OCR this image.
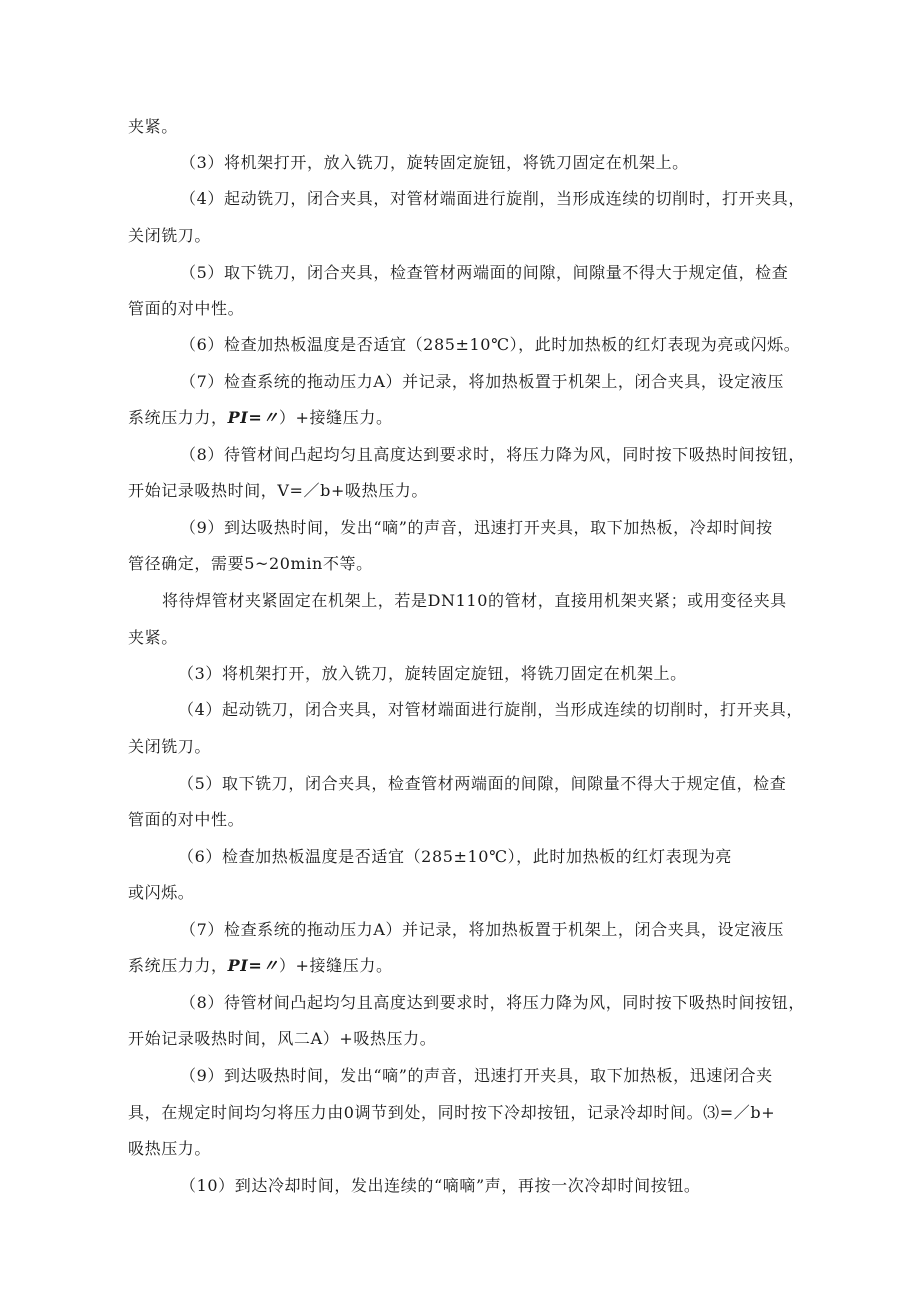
夹紧。
（3）将机架打开，放入铣刀，旋转固定旋钮，将铣刀固定在机架上。
（4）起动铣刀，闭合夹具，对管材端面进行旋削，当形成连续的切削时，打开夹具，
关闭铣刀。
（5）取下铣刀，闭合夹具，检查管材两端面的间隙，间隙量不得大于规定值，检查
管面的对中性。
（6）检查加热板温度是否适宜（285±10℃），此时加热板的红灯表现为亮或闪烁。
（7）检查系统的拖动压力A）并记录，将加热板置于机架上，闭合夹具，设定液压
系统压力力，PI=〃）+接缝压力。
（8）待管材间凸起均匀且高度达到要求时，将压力降为风，同时按下吸热时间按钮，
开始记录吸热时间，V=／b+吸热压力。
（9）到达吸热时间，发出“嘀”的声音，迅速打开夹具，取下加热板，冷却时间按
管径确定，需要5~20min不等。
将待焊管材夹紧固定在机架上，若是DN110的管材，直接用机架夹紧；或用变径夹具
夹紧。
（3）将机架打开，放入铣刀，旋转固定旋钮，将铣刀固定在机架上。
（4）起动铣刀，闭合夹具，对管材端面进行旋削，当形成连续的切削时，打开夹具，
关闭铣刀。
（5）取下铣刀，闭合夹具，检查管材两端面的间隙，间隙量不得大于规定值，检查
管面的对中性。
（6）检查加热板温度是否适宜（285±10℃），此时加热板的红灯表现为亮
或闪烁。
（7）检查系统的拖动压力A）并记录，将加热板置于机架上，闭合夹具，设定液压
系统压力力，PI=〃）+接缝压力。
（8）待管材间凸起均匀且高度达到要求时，将压力降为风，同时按下吸热时间按钮，
开始记录吸热时间，风二A）+吸热压力。
（9）到达吸热时间，发出“嘀”的声音，迅速打开夹具，取下加热板，迅速闭合夹
具，在规定时间均匀将压力由0调节到处，同时按下冷却按钮，记录冷却时间。⑶=／b+
吸热压力。
（10）到达冷却时间，发出连续的“嘀嘀”声，再按一次冷却时间按钮。
